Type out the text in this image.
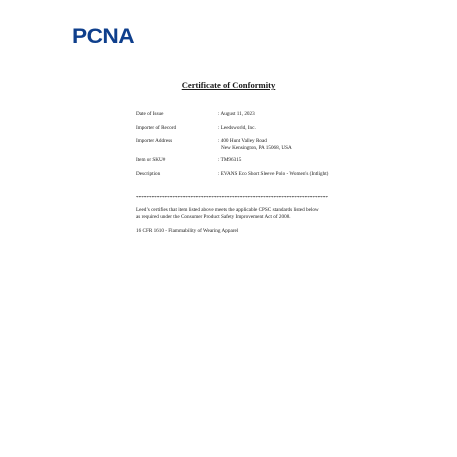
PCNA
Certificate of Conformity
Date of Issue	: August 11, 2023
Importer of Record	: Leedsworld, Inc.
Importer Address	: 400 Hunt Valley Road
New Kensington, PA 15068, USA
Item or SKU#	: TM96315
Description	: EVANS Eco Short Sleeve Polo - Women's (Intlight)
**************************************************************************
Leed’s certifies that item listed above meets the applicable CPSC standards listed below
as required under the Consumer Product Safety Improvement Act of 2008.
16 CFR 1610 - Flammability of Wearing Apparel
